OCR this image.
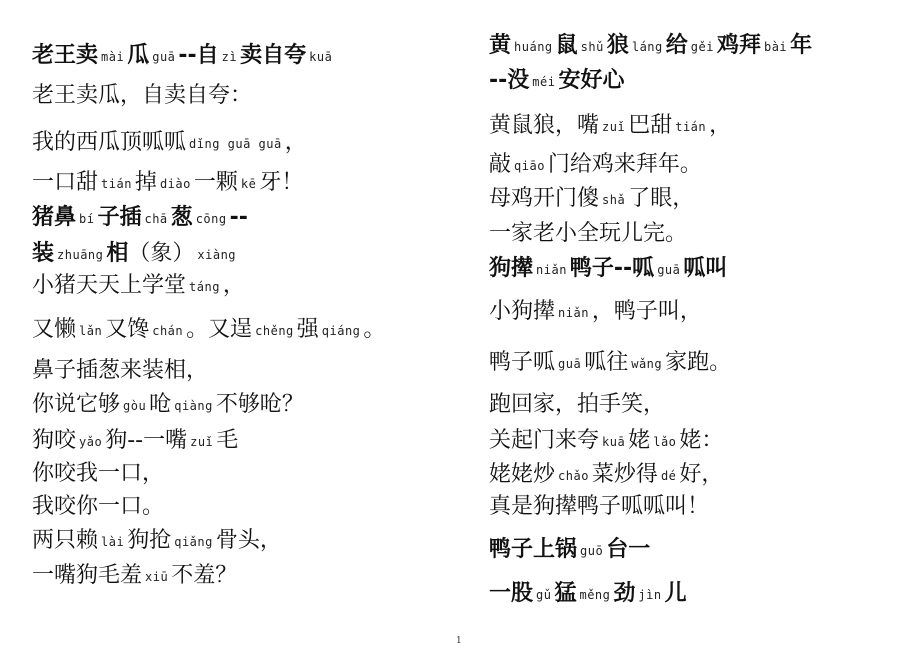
老王卖 mài 瓜 guā --自 zì 卖自夸 kuā
老王卖瓜，自卖自夸：
我的西瓜顶呱呱 dǐng guā guā ，
一口甜 tián 掉 diào 一颗 kē 牙！
猪鼻 bí 子插 chā 葱 cōng --
装zhuāng 相（象） xiàng
小猪天天上学堂 táng ，
又懒 lǎn 又馋 chán 。又逞 chěng 强 qiáng 。
鼻子插葱来装相，
你说它够 gòu 呛 qiàng 不够呛？
狗咬 yǎo 狗--一嘴 zuǐ 毛
你咬我一口，
我咬你一口。
两只赖 lài 狗抢 qiǎng 骨头，
一嘴狗毛羞 xiū 不羞？
黄huáng 鼠 shǔ 狼 láng 给 gěi 鸡拜 bài 年
--没 méi 安好心
黄鼠狼，嘴 zuǐ 巴甜 tián ，
敲qiāo 门给鸡来拜年。
母鸡开门傻 shǎ 了眼，
一家老小全玩儿完。
狗撵 niǎn 鸭子--呱 guā 呱叫
小狗撵 niǎn ，鸭子叫，
鸭子呱 guā 呱往 wǎng 家跑。
跑回家，拍手笑，
关起门来夸 kuā 姥 lǎo 姥：
姥姥炒 chǎo 菜炒得 dé 好，
真是狗撵鸭子呱呱叫！
鸭子上锅 guō 台一
一股 gǔ 猛 měng 劲 jìn 儿
1
